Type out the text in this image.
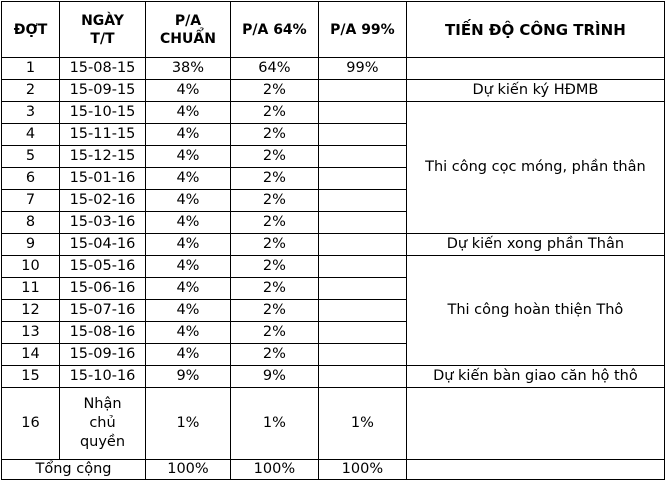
ĐỢT	NGÀY T/T	P/A CHUẨN	P/A 64%	P/A 99%	TIẾN ĐỘ CÔNG TRÌNH
1	15-08-15	38%	64%	99%	
2	15-09-15	4%	2%		Dự kiến ký HĐMB
3	15-10-15	4%	2%		Thi công cọc móng, phần thân
4	15-11-15	4%	2%		
5	15-12-15	4%	2%		
6	15-01-16	4%	2%		
7	15-02-16	4%	2%		
8	15-03-16	4%	2%		
9	15-04-16	4%	2%		Dự kiến xong phần Thân
10	15-05-16	4%	2%		Thi công hoàn thiện Thô
11	15-06-16	4%	2%		
12	15-07-16	4%	2%		
13	15-08-16	4%	2%		
14	15-09-16	4%	2%		
15	15-10-16	9%	9%		Dự kiến bàn giao căn hộ thô
16	Nhận chủ quyền	1%	1%	1%	
Tổng cộng		100%	100%	100%	
